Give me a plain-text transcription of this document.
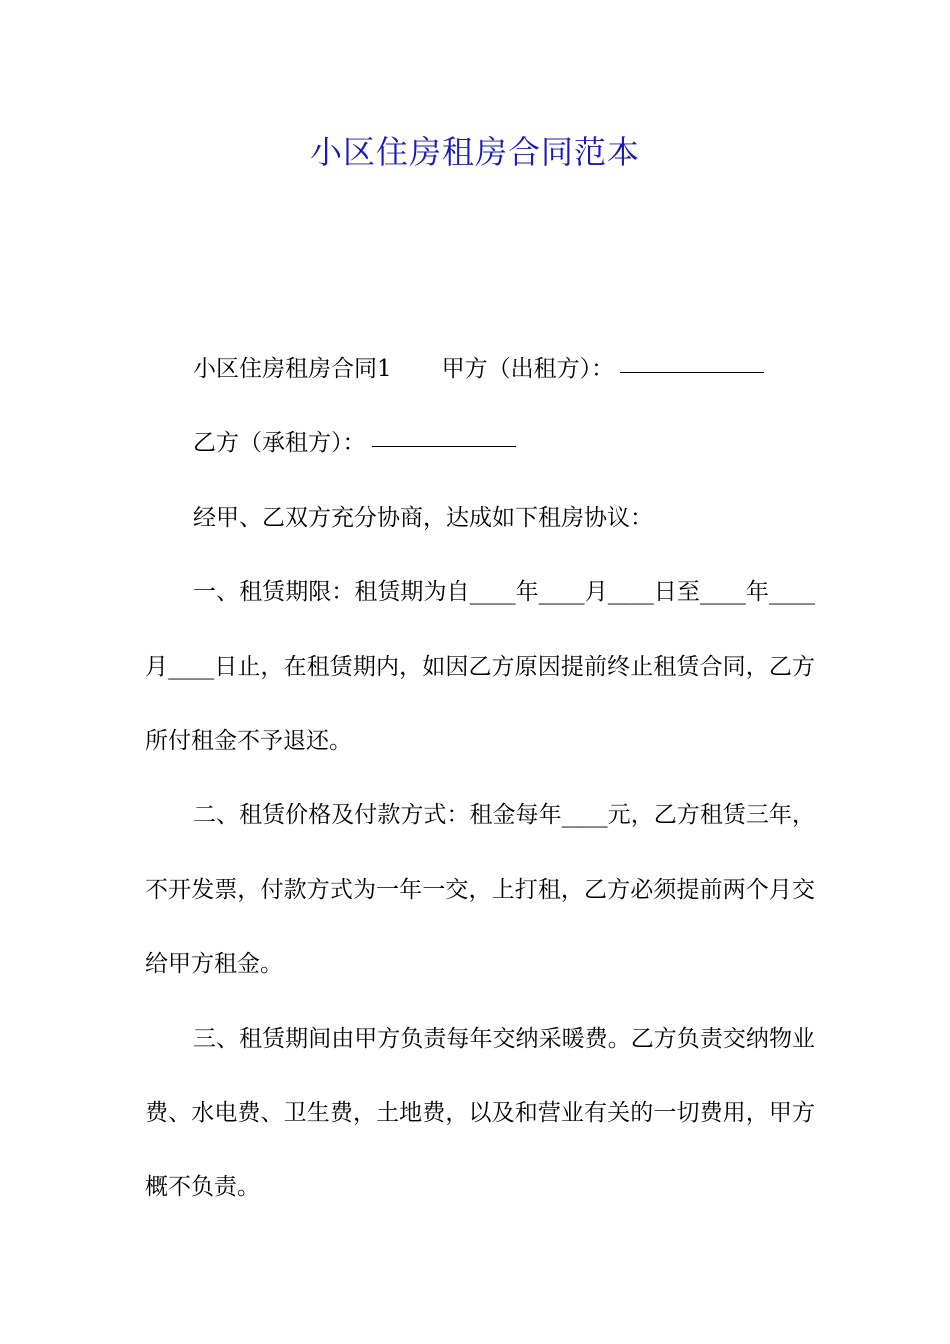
小区住房租房合同范本

小区住房租房合同1 甲方（出租方）：

乙方（承租方）：

经甲、乙双方充分协商，达成如下租房协议：

一、租赁期限：租赁期为自____年____月____日至____年____月____日止，在租赁期内，如因乙方原因提前终止租赁合同，乙方所付租金不予退还。

二、租赁价格及付款方式：租金每年____元，乙方租赁三年，不开发票，付款方式为一年一交，上打租，乙方必须提前两个月交给甲方租金。

三、租赁期间由甲方负责每年交纳采暖费。乙方负责交纳物业费、水电费、卫生费，土地费，以及和营业有关的一切费用，甲方概不负责。
